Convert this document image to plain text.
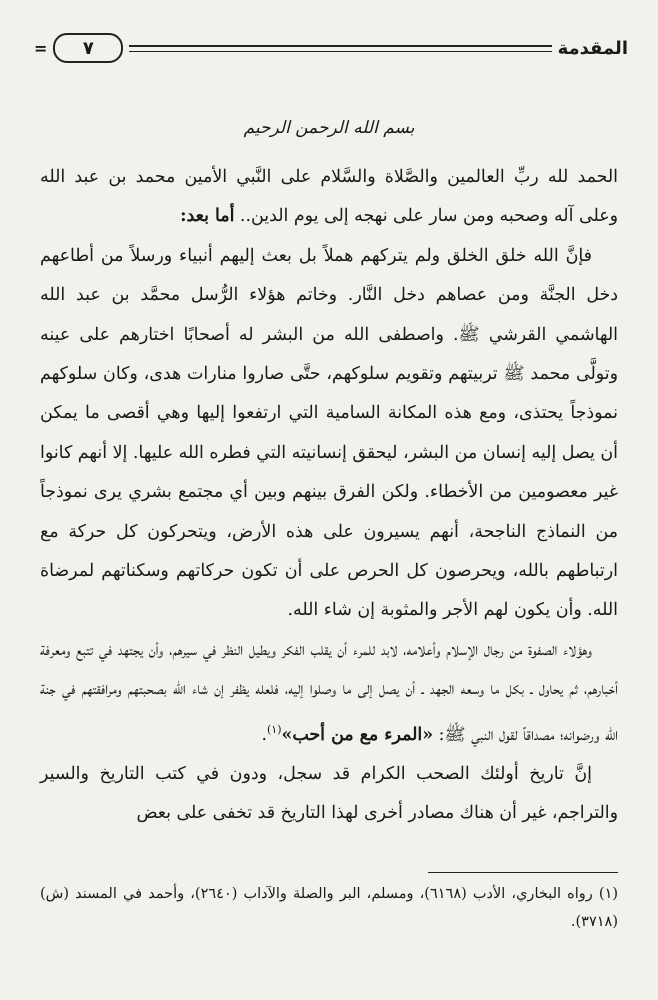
المقدمة
٧
=
بسم الله الرحمن الرحيم

الحمد لله ربِّ العالمين والصَّلاة والسَّلام على النَّبي الأمين محمد بن عبد الله وعلى آله وصحبه ومن سار على نهجه إلى يوم الدين.. أما بعد:

فإنَّ الله خلق الخلق ولم يتركهم هملاً بل بعث إليهم أنبياء ورسلاً من أطاعهم دخل الجنَّة ومن عصاهم دخل النَّار. وخاتم هؤلاء الرُّسل محمَّد بن عبد الله الهاشمي القرشي ﷺ. واصطفى الله من البشر له أصحابًا اختارهم على عينه وتولَّى محمد ﷺ تربيتهم وتقويم سلوكهم، حتَّى صاروا منارات هدى، وكان سلوكهم نموذجاً يحتذى، ومع هذه المكانة السامية التي ارتفعوا إليها وهي أقصى ما يمكن أن يصل إليه إنسان من البشر، ليحقق إنسانيته التي فطره الله عليها. إلا أنهم كانوا غير معصومين من الأخطاء. ولكن الفرق بينهم وبين أي مجتمع بشري يرى نموذجاً من النماذج الناجحة، أنهم يسيرون على هذه الأرض، ويتحركون كل حركة مع ارتباطهم بالله، ويحرصون كل الحرص على أن تكون حركاتهم وسكناتهم لمرضاة الله. وأن يكون لهم الأجر والمثوبة إن شاء الله.

وهؤلاء الصفوة من رجال الإسلام وأعلامه، لابد للمرء أن يقلب الفكر ويطيل النظر في سيرهم، وأن يجتهد في تتبع ومعرفة أخبارهم، ثم يحاول ـ بكل ما وسعه الجهد ـ أن يصل إلى ما وصلوا إليه، فلعله يظفر إن شاء الله بصحبتهم ومرافقتهم في جنة الله ورضوانه؛ مصداقاً لقول النبي ﷺ: «المرء مع من أحب»$^{(١)}$.

إنَّ تاريخ أولئك الصحب الكرام قد سجل، ودون في كتب التاريخ والسير والتراجم، غير أن هناك مصادر أخرى لهذا التاريخ قد تخفى على بعض

(١) رواه البخاري، الأدب (٦١٦٨)، ومسلم، البر والصلة والآداب (٢٦٤٠)، وأحمد في المسند (ش) (٣٧١٨).
